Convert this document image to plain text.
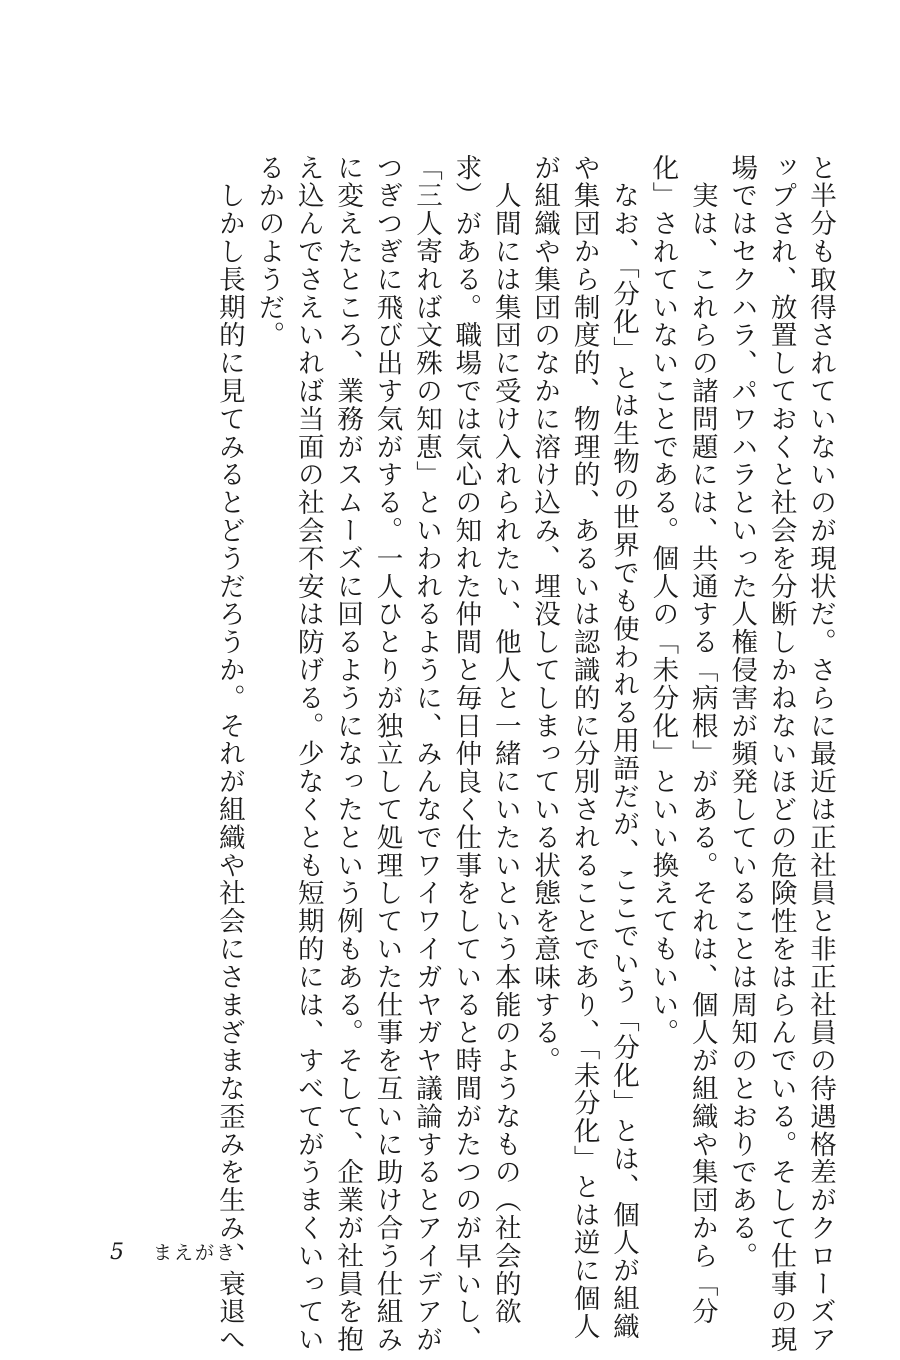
と半分も取得されていないのが現状だ。さらに最近は正社員と非正社員の待遇格差がクローズア
ップされ、放置しておくと社会を分断しかねないほどの危険性をはらんでいる。そして仕事の現
場ではセクハラ、パワハラといった人権侵害が頻発していることは周知のとおりである。
　実は、これらの諸問題には、共通する「病根」がある。それは、個人が組織や集団から「分
化」されていないことである。個人の「未分化」といい換えてもいい。
　なお、「分化」とは生物の世界でも使われる用語だが、ここでいう「分化」とは、個人が組織
や集団から制度的、物理的、あるいは認識的に分別されることであり、「未分化」とは逆に個人
が組織や集団のなかに溶け込み、埋没してしまっている状態を意味する。
　人間には集団に受け入れられたい、他人と一緒にいたいという本能のようなもの（社会的欲
求）がある。職場では気心の知れた仲間と毎日仲良く仕事をしていると時間がたつのが早いし、
「三人寄れば文殊の知恵」といわれるように、みんなでワイワイガヤガヤ議論するとアイデアが
つぎつぎに飛び出す気がする。一人ひとりが独立して処理していた仕事を互いに助け合う仕組み
に変えたところ、業務がスムーズに回るようになったという例もある。そして、企業が社員を抱
え込んでさえいれば当面の社会不安は防げる。少なくとも短期的には、すべてがうまくいってい
るかのようだ。
　しかし長期的に見てみるとどうだろうか。それが組織や社会にさまざまな歪みを生み、衰退へ
5 まえがき
